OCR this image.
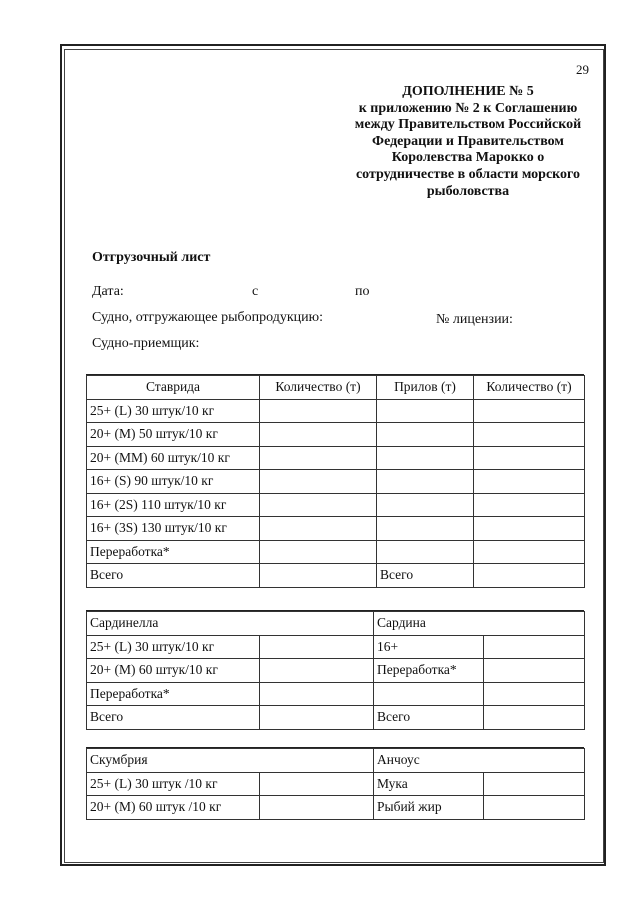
29
ДОПОЛНЕНИЕ № 5
к приложению № 2 к Соглашению
между Правительством Российской
Федерации и Правительством
Королевства Марокко о
сотрудничестве в области морского
рыболовства
Отгрузочный лист
Дата:	с	по
Судно, отгружающее рыбопродукцию:	№ лицензии:
Судно-приемщик:
Ставрида	Количество (т)	Прилов (т)	Количество (т)
25+ (L) 30 штук/10 кг			
20+ (M) 50 штук/10 кг			
20+ (MM) 60 штук/10 кг			
16+ (S) 90 штук/10 кг			
16+ (2S) 110 штук/10 кг			
16+ (3S) 130 штук/10 кг			
Переработка*			
Всего		Всего	
Сардинелла		Сардина	
25+ (L) 30 штук/10 кг		16+	
20+ (M) 60 штук/10 кг		Переработка*	
Переработка*			
Всего		Всего	
Скумбрия		Анчоус	
25+ (L) 30 штук /10 кг		Мука	
20+ (M) 60 штук /10 кг		Рыбий жир	
